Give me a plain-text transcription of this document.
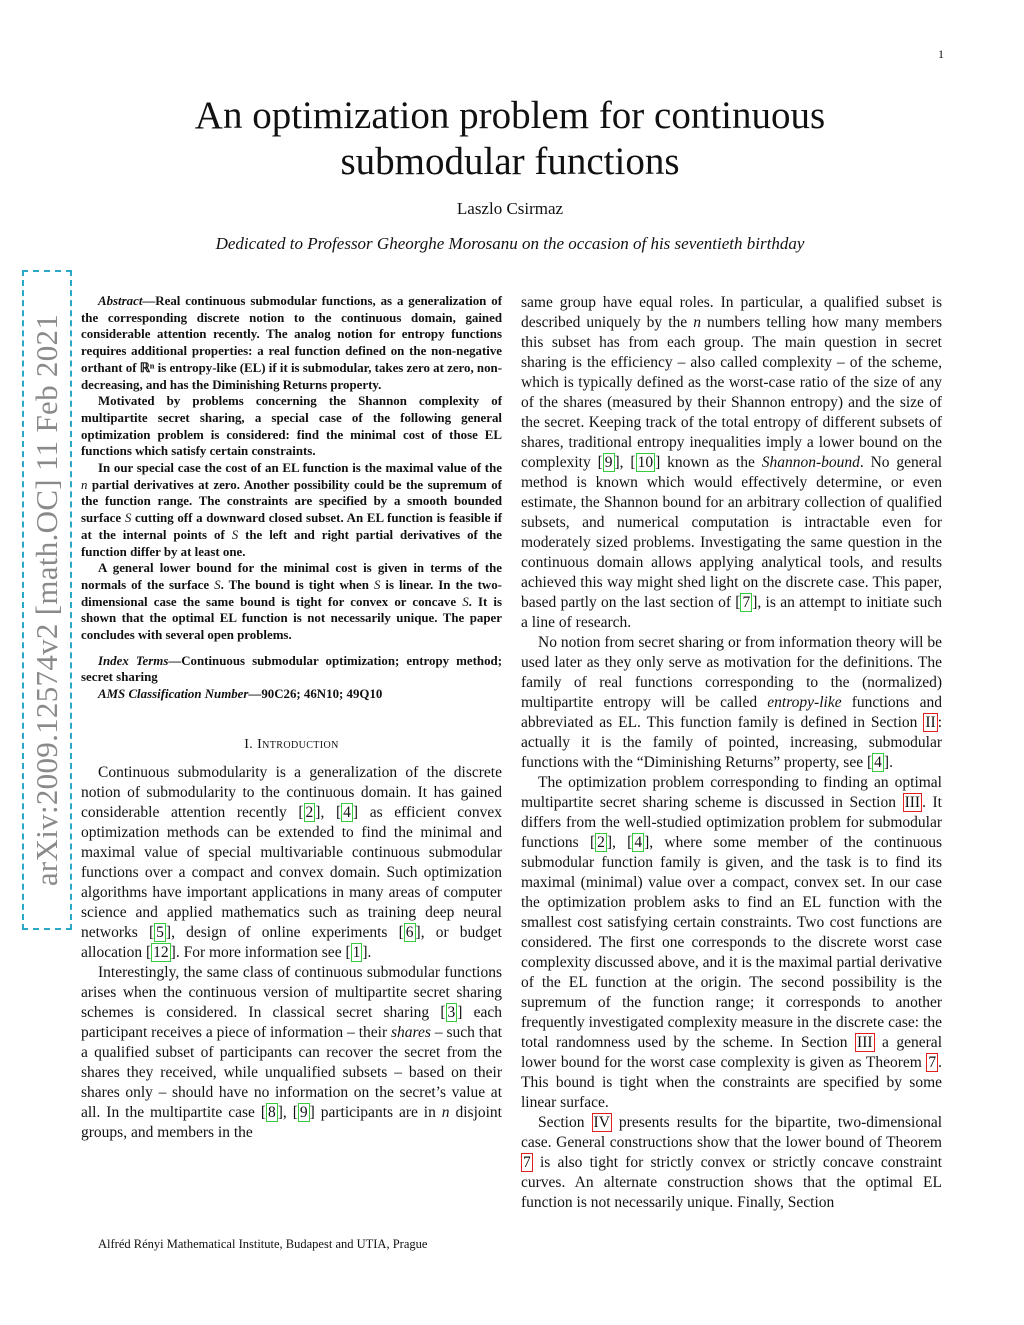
1
arXiv:2009.12574v2 [math.OC] 11 Feb 2021
An optimization problem for continuous
submodular functions
Laszlo Csirmaz
Dedicated to Professor Gheorghe Morosanu on the occasion of his seventieth birthday

Abstract—Real continuous submodular functions, as a generalization of the corresponding discrete notion to the continuous domain, gained considerable attention recently. The analog notion for entropy functions requires additional properties: a real function defined on the non-negative orthant of ℝⁿ is entropy-like (EL) if it is submodular, takes zero at zero, non-decreasing, and has the Diminishing Returns property.

Motivated by problems concerning the Shannon complexity of multipartite secret sharing, a special case of the following general optimization problem is considered: find the minimal cost of those EL functions which satisfy certain constraints.

In our special case the cost of an EL function is the maximal value of the n partial derivatives at zero. Another possibility could be the supremum of the function range. The constraints are specified by a smooth bounded surface S cutting off a downward closed subset. An EL function is feasible if at the internal points of S the left and right partial derivatives of the function differ by at least one.

A general lower bound for the minimal cost is given in terms of the normals of the surface S. The bound is tight when S is linear. In the two-dimensional case the same bound is tight for convex or concave S. It is shown that the optimal EL function is not necessarily unique. The paper concludes with several open problems.

Index Terms—Continuous submodular optimization; entropy method; secret sharing

AMS Classification Number—90C26; 46N10; 49Q10

I. Introduction

Continuous submodularity is a generalization of the discrete notion of submodularity to the continuous domain. It has gained considerable attention recently [ 2 ], [ 4 ] as efficient convex optimization methods can be extended to find the minimal and maximal value of special multivariable continuous submodular functions over a compact and convex domain. Such optimization algorithms have important applications in many areas of computer science and applied mathematics such as training deep neural networks [ 5 ], design of online experiments [ 6 ], or budget allocation [ 12 ]. For more information see [ 1 ].

Interestingly, the same class of continuous submodular functions arises when the continuous version of multipartite secret sharing schemes is considered. In classical secret sharing [ 3 ] each participant receives a piece of information – their shares – such that a qualified subset of participants can recover the secret from the shares they received, while unqualified subsets – based on their shares only – should have no information on the secret’s value at all. In the multipartite case [ 8 ], [ 9 ] participants are in n disjoint groups, and members in the

same group have equal roles. In particular, a qualified subset is described uniquely by the n numbers telling how many members this subset has from each group. The main question in secret sharing is the efficiency – also called complexity – of the scheme, which is typically defined as the worst-case ratio of the size of any of the shares (measured by their Shannon entropy) and the size of the secret. Keeping track of the total entropy of different subsets of shares, traditional entropy inequalities imply a lower bound on the complexity [ 9 ], [ 10 ] known as the Shannon-bound. No general method is known which would effectively determine, or even estimate, the Shannon bound for an arbitrary collection of qualified subsets, and numerical computation is intractable even for moderately sized problems. Investigating the same question in the continuous domain allows applying analytical tools, and results achieved this way might shed light on the discrete case. This paper, based partly on the last section of [ 7 ], is an attempt to initiate such a line of research.

No notion from secret sharing or from information theory will be used later as they only serve as motivation for the definitions. The family of real functions corresponding to the (normalized) multipartite entropy will be called entropy-like functions and abbreviated as EL. This function family is defined in Section II : actually it is the family of pointed, increasing, submodular functions with the “Diminishing Returns” property, see [ 4 ].

The optimization problem corresponding to finding an optimal multipartite secret sharing scheme is discussed in Section III . It differs from the well-studied optimization problem for submodular functions [ 2 ], [ 4 ], where some member of the continuous submodular function family is given, and the task is to find its maximal (minimal) value over a compact, convex set. In our case the optimization problem asks to find an EL function with the smallest cost satisfying certain constraints. Two cost functions are considered. The first one corresponds to the discrete worst case complexity discussed above, and it is the maximal partial derivative of the EL function at the origin. The second possibility is the supremum of the function range; it corresponds to another frequently investigated complexity measure in the discrete case: the total randomness used by the scheme. In Section III a general lower bound for the worst case complexity is given as Theorem 7 . This bound is tight when the constraints are specified by some linear surface.

Section IV presents results for the bipartite, two-dimensional case. General constructions show that the lower bound of Theorem 7 is also tight for strictly convex or strictly concave constraint curves. An alternate construction shows that the optimal EL function is not necessarily unique. Finally, Section

Alfréd Rényi Mathematical Institute, Budapest and UTIA, Prague
